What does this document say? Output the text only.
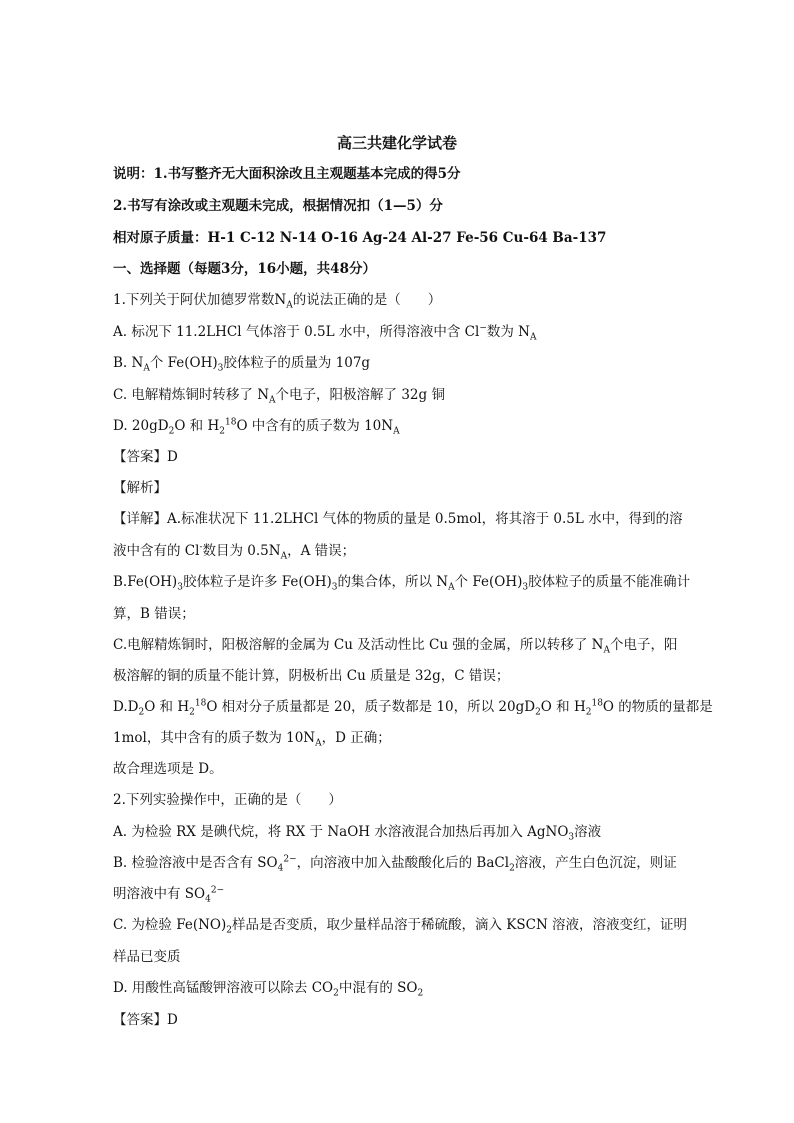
高三共建化学试卷
说明：1.书写整齐无大面积涂改且主观题基本完成的得5分
2.书写有涂改或主观题未完成，根据情况扣（1—5）分
相对原子质量：H-1 C-12 N-14 O-16 Ag-24 Al-27 Fe-56 Cu-64 Ba-137
一、选择题（每题3分，16小题，共48分）
1.下列关于阿伏加德罗常数$N_A$的说法正确的是（　　）
A. 标况下 11.2LHCl 气体溶于 0.5L 水中，所得溶液中含 Cl−数为 $N_A$
B. $N_A$个 $Fe(OH)_3$胶体粒子的质量为 107g
C. 电解精炼铜时转移了 $N_A$个电子，阳极溶解了 32g 铜
D. $20gD_2O$ 和 $H_2^{18}O$ 中含有的质子数为 $10N_A$
【答案】D
【解析】
【详解】A.标准状况下 11.2LHCl 气体的物质的量是 0.5mol，将其溶于 0.5L 水中，得到的溶
液中含有的 Cl-数目为 $0.5N_A$，A 错误；
$B.Fe(OH)_3$胶体粒子是许多 $Fe(OH)_3$的集合体，所以 $N_A$个 $Fe(OH)_3$胶体粒子的质量不能准确计
算，B 错误；
C.电解精炼铜时，阳极溶解的金属为 Cu 及活动性比 Cu 强的金属，所以转移了 $N_A$个电子，阳
极溶解的铜的质量不能计算，阴极析出 Cu 质量是 32g，C 错误；
$D.D_2O$ 和 $H_2^{18}O$ 相对分子质量都是 20，质子数都是 10，所以 $20gD_2O$ 和 $H_2^{18}O$ 的物质的量都是
1mol，其中含有的质子数为 $10N_A$，D 正确；
故合理选项是 D。
2.下列实验操作中，正确的是（　　）
A. 为检验 RX 是碘代烷，将 RX 于 NaOH 水溶液混合加热后再加入 AgNO$_3$溶液
B. 检验溶液中是否含有 $SO_4^{2-}$，向溶液中加入盐酸酸化后的 BaCl$_2$溶液，产生白色沉淀，则证
明溶液中有 $SO_4^{2-}$
C. 为检验 $Fe(NO)_2$样品是否变质，取少量样品溶于稀硫酸，滴入 KSCN 溶液，溶液变红，证明
样品已变质
D. 用酸性高锰酸钾溶液可以除去 $CO_2$中混有的 $SO_2$
【答案】D
